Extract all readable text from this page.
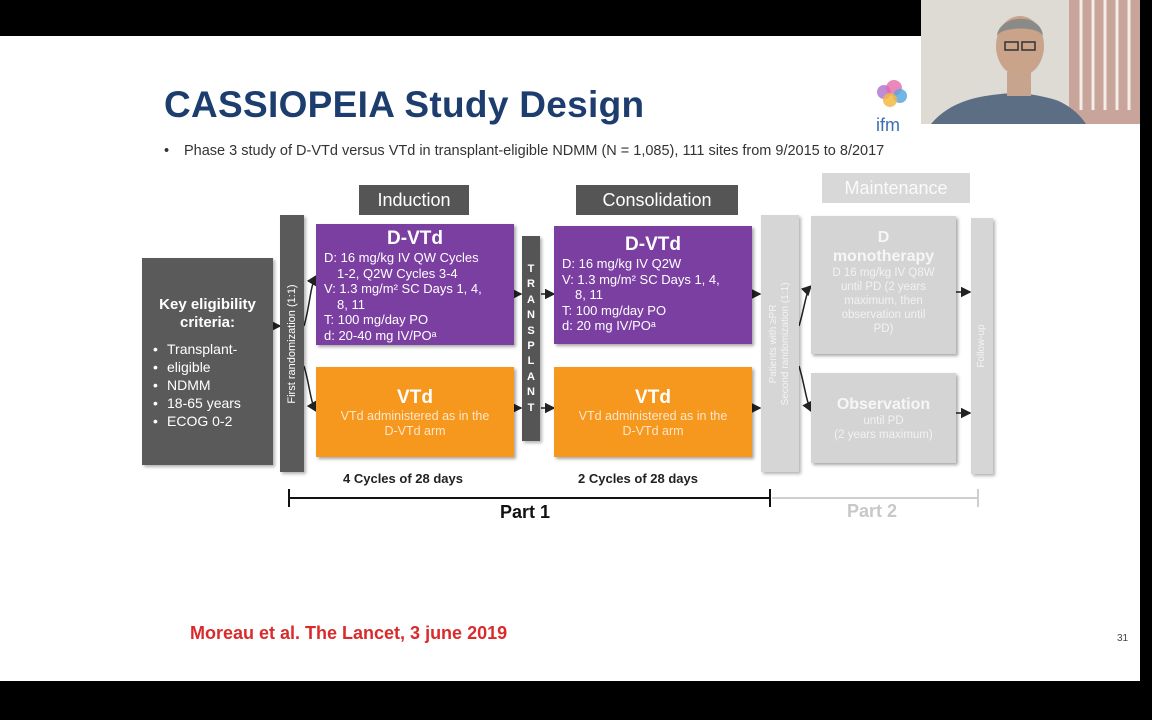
CASSIOPEIA Study Design
• Phase 3 study of D-VTd versus VTd in transplant-eligible NDMM (N = 1,085), 111 sites from 9/2015 to 8/2017
ifm
Induction	Consolidation
Maintenance
Key eligibility
criteria:
• Transplant-
• eligible
• NDMM
• 18-65 years
• ECOG 0-2
First randomization (1:1)
D-VTd
D: 16 mg/kg IV QW Cycles
1-2, Q2W Cycles 3-4
V: 1.3 mg/m² SC Days 1, 4,
8, 11
T: 100 mg/day PO
d: 20-40 mg IV/POᵃ
VTd
VTd administered as in the
D-VTd arm
T
R
A
N
S
P
L
A
N
T
D-VTd
D: 16 mg/kg IV Q2W
V: 1.3 mg/m² SC Days 1, 4,
8, 11
T: 100 mg/day PO
d: 20 mg IV/POᵃ
VTd
VTd administered as in the
D-VTd arm
Patients with ≥PR Second randomization (1:1)
D
monotherapy
D 16 mg/kg IV Q8W
until PD (2 years
maximum, then
observation until
PD)
Observation
until PD
(2 years maximum)
Follow-up
4 Cycles of 28 days	2 Cycles of 28 days
Part 1	Part 2
Moreau et al. The Lancet, 3 june 2019	31
